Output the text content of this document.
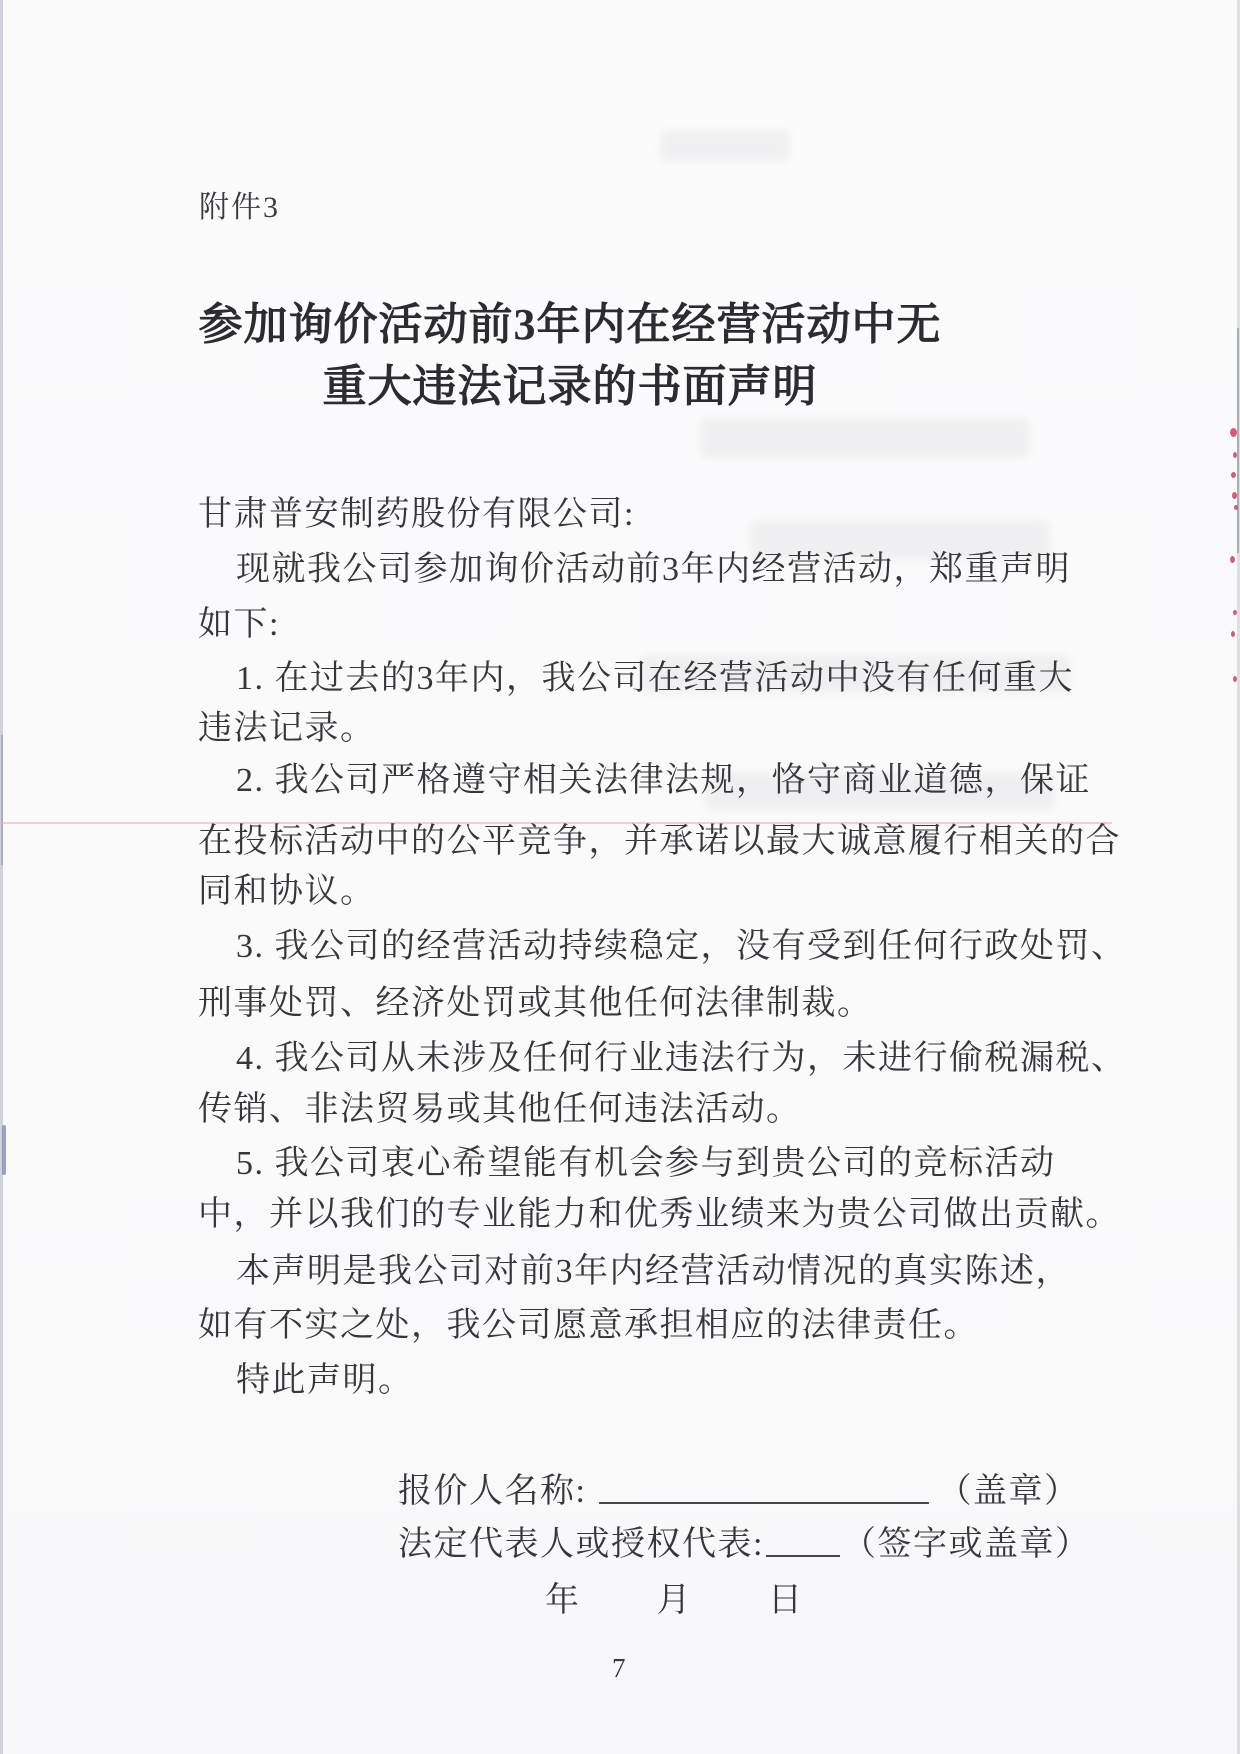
附件3
参加询价活动前3年内在经营活动中无
重大违法记录的书面声明
甘肃普安制药股份有限公司:
现就我公司参加询价活动前3年内经营活动，郑重声明
如下:
1. 在过去的3年内，我公司在经营活动中没有任何重大
违法记录。
2. 我公司严格遵守相关法律法规，恪守商业道德，保证
在投标活动中的公平竞争，并承诺以最大诚意履行相关的合
同和协议。
3. 我公司的经营活动持续稳定，没有受到任何行政处罚、
刑事处罚、经济处罚或其他任何法律制裁。
4. 我公司从未涉及任何行业违法行为，未进行偷税漏税、
传销、非法贸易或其他任何违法活动。
5. 我公司衷心希望能有机会参与到贵公司的竞标活动
中，并以我们的专业能力和优秀业绩来为贵公司做出贡献。
本声明是我公司对前3年内经营活动情况的真实陈述，
如有不实之处，我公司愿意承担相应的法律责任。
特此声明。
报价人名称:	（盖章）
法定代表人或授权代表: （签字或盖章）
年 月 日
7
